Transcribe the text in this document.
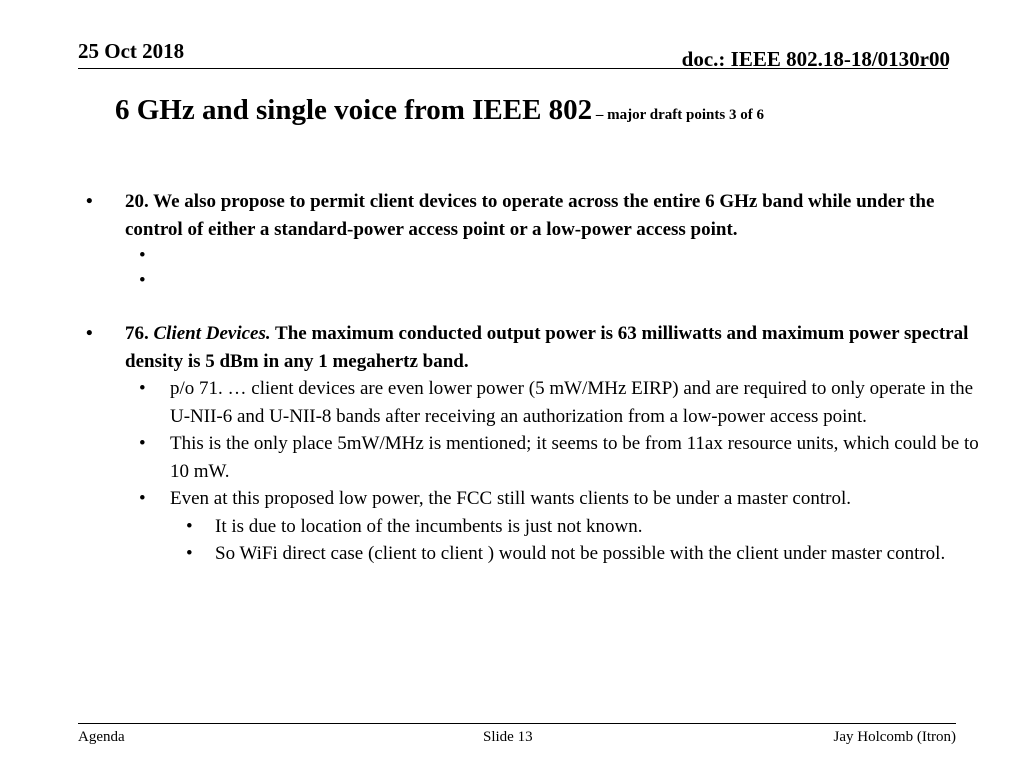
25 Oct 2018	doc.: IEEE 802.18-18/0130r00
6 GHz and single voice from IEEE 802 – major draft points 3 of 6
• 20. We also propose to permit client devices to operate across the entire 6 GHz band while under the control of either a standard-power access point or a low-power access point.
•
•
• 76. Client Devices. The maximum conducted output power is 63 milliwatts and maximum power spectral density is 5 dBm in any 1 megahertz band.
• p/o 71. … client devices are even lower power (5 mW/MHz EIRP) and are required to only operate in the U-NII-6 and U-NII-8 bands after receiving an authorization from a low-power access point.
• This is the only place 5mW/MHz is mentioned; it seems to be from 11ax resource units, which could be to 10 mW.
• Even at this proposed low power, the FCC still wants clients to be under a master control.
• It is due to location of the incumbents is just not known.
• So WiFi direct case (client to client ) would not be possible with the client under master control.
Agenda	Slide 13	Jay Holcomb (Itron)
